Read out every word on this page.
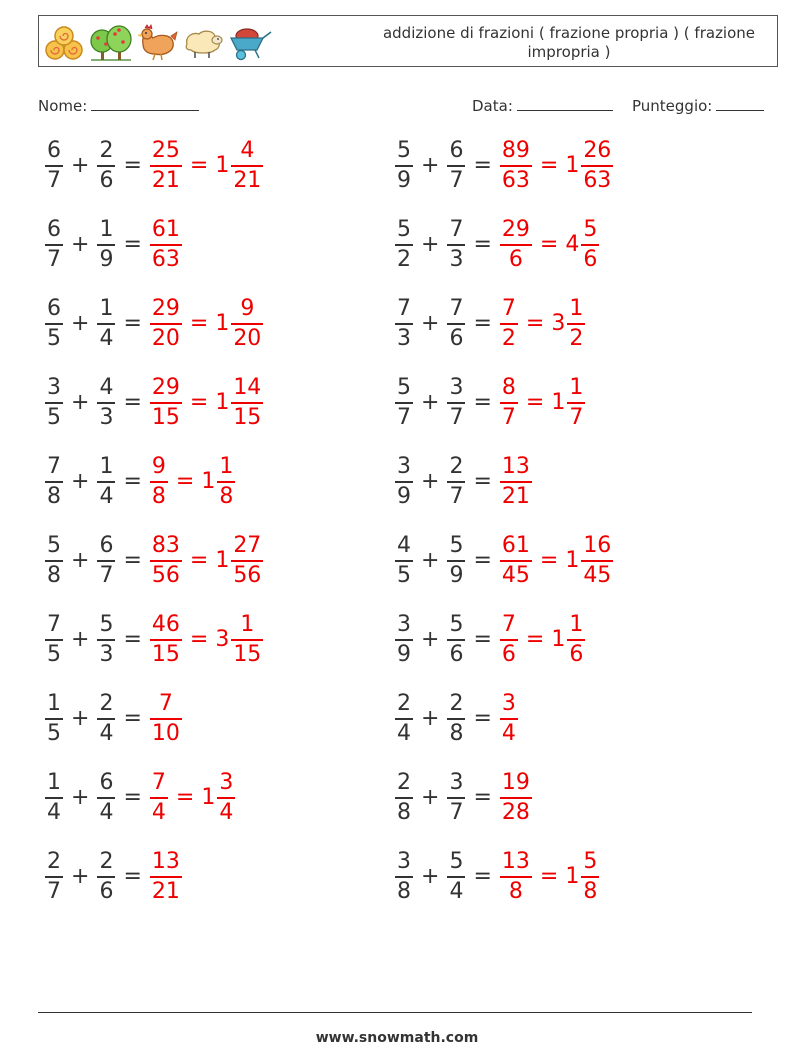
addizione di frazioni ( frazione propria ) ( frazione impropria )
Nome:	Data:	Punteggio:
$\frac{6}{7} + \frac{2}{6} = \frac{25}{21} = 1 \frac{4}{21}$	$\frac{5}{9} + \frac{6}{7} = \frac{89}{63} = 1 \frac{26}{63}$
$\frac{6}{7} + \frac{1}{9} = \frac{61}{63}$	$\frac{5}{2} + \frac{7}{3} = \frac{29}{6} = 4 \frac{5}{6}$
$\frac{6}{5} + \frac{1}{4} = \frac{29}{20} = 1 \frac{9}{20}$	$\frac{7}{3} + \frac{7}{6} = \frac{7}{2} = 3 \frac{1}{2}$
$\frac{3}{5} + \frac{4}{3} = \frac{29}{15} = 1 \frac{14}{15}$	$\frac{5}{7} + \frac{3}{7} = \frac{8}{7} = 1 \frac{1}{7}$
$\frac{7}{8} + \frac{1}{4} = \frac{9}{8} = 1 \frac{1}{8}$	$\frac{3}{9} + \frac{2}{7} = \frac{13}{21}$
$\frac{5}{8} + \frac{6}{7} = \frac{83}{56} = 1 \frac{27}{56}$	$\frac{4}{5} + \frac{5}{9} = \frac{61}{45} = 1 \frac{16}{45}$
$\frac{7}{5} + \frac{5}{3} = \frac{46}{15} = 3 \frac{1}{15}$	$\frac{3}{9} + \frac{5}{6} = \frac{7}{6} = 1 \frac{1}{6}$
$\frac{1}{5} + \frac{2}{4} = \frac{7}{10}$	$\frac{2}{4} + \frac{2}{8} = \frac{3}{4}$
$\frac{1}{4} + \frac{6}{4} = \frac{7}{4} = 1 \frac{3}{4}$	$\frac{2}{8} + \frac{3}{7} = \frac{19}{28}$
$\frac{2}{7} + \frac{2}{6} = \frac{13}{21}$	$\frac{3}{8} + \frac{5}{4} = \frac{13}{8} = 1 \frac{5}{8}$
www.snowmath.com
